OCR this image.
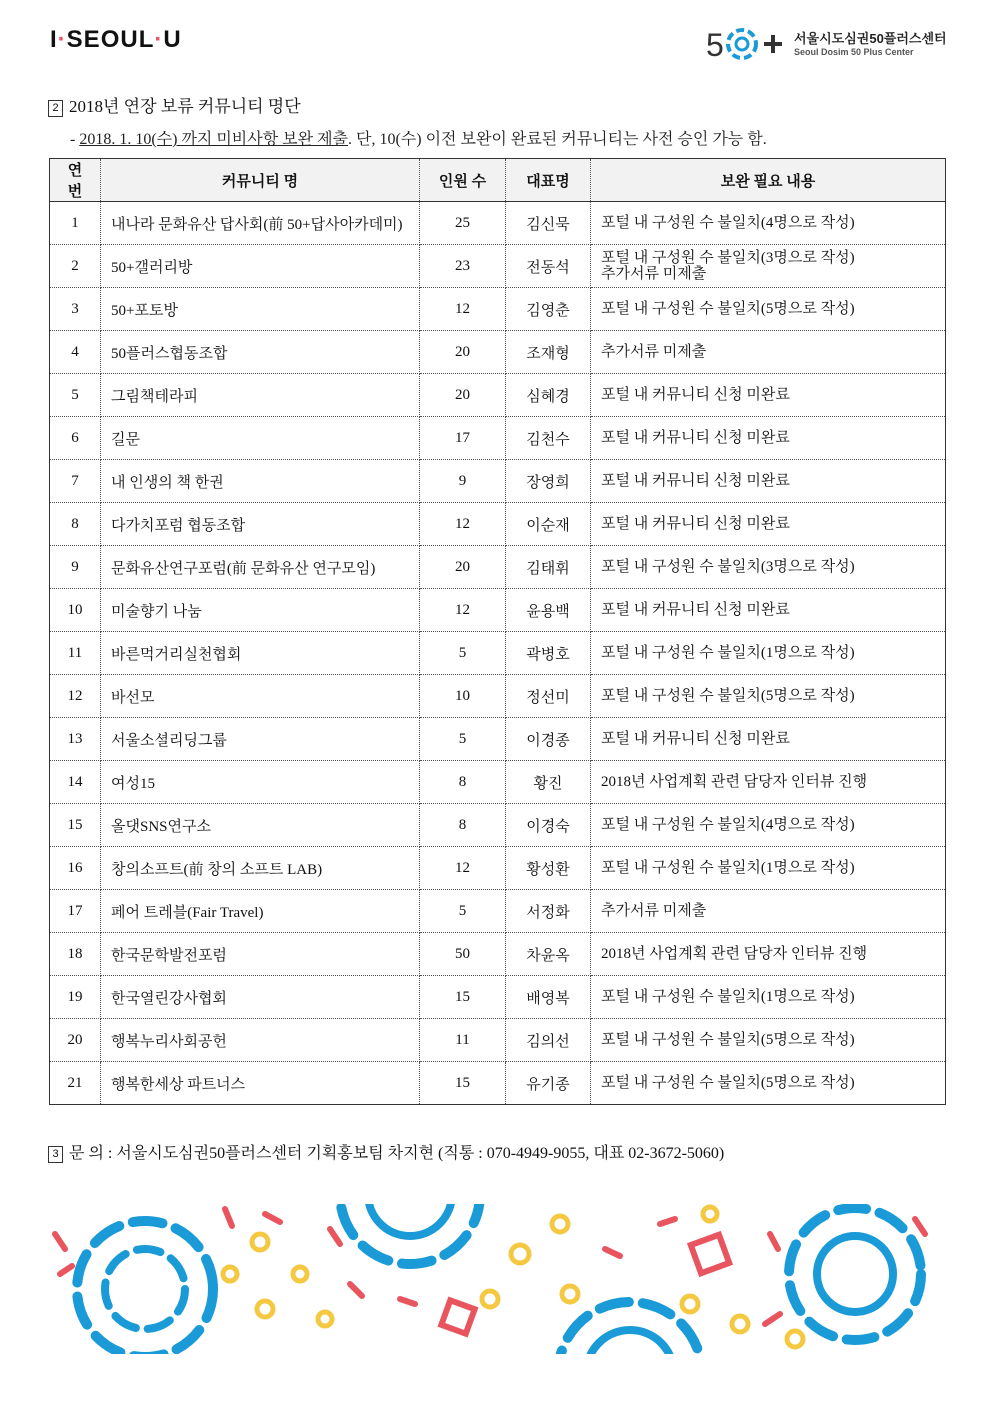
I·SEOUL·U	5	서울시도심권50플러스센터
Seoul Dosim 50 Plus Center
2 2018년 연장 보류 커뮤니티 명단
- 2018. 1. 10(수) 까지 미비사항 보완 제출. 단, 10(수) 이전 보완이 완료된 커뮤니티는 사전 승인 가능 함.
연 번	커뮤니티 명	인원 수	대표명	보완 필요 내용
1	내나라 문화유산 답사회(前 50+답사아카데미)	25	김신묵	포털 내 구성원 수 불일치(4명으로 작성)
2	50+갤러리방	23	전동석	포털 내 구성원 수 불일치(3명으로 작성)
추가서류 미제출
3	50+포토방	12	김영춘	포털 내 구성원 수 불일치(5명으로 작성)
4	50플러스협동조합	20	조재형	추가서류 미제출
5	그림책테라피	20	심혜경	포털 내 커뮤니티 신청 미완료
6	길문	17	김천수	포털 내 커뮤니티 신청 미완료
7	내 인생의 책 한권	9	장영희	포털 내 커뮤니티 신청 미완료
8	다가치포럼 협동조합	12	이순재	포털 내 커뮤니티 신청 미완료
9	문화유산연구포럼(前 문화유산 연구모임)	20	김태휘	포털 내 구성원 수 불일치(3명으로 작성)
10	미술향기 나눔	12	윤용백	포털 내 커뮤니티 신청 미완료
11	바른먹거리실천협회	5	곽병호	포털 내 구성원 수 불일치(1명으로 작성)
12	바선모	10	정선미	포털 내 구성원 수 불일치(5명으로 작성)
13	서울소셜리딩그룹	5	이경종	포털 내 커뮤니티 신청 미완료
14	여성15	8	황진	2018년 사업계획 관련 담당자 인터뷰 진행
15	올댓SNS연구소	8	이경숙	포털 내 구성원 수 불일치(4명으로 작성)
16	창의소프트(前 창의 소프트 LAB)	12	황성환	포털 내 구성원 수 불일치(1명으로 작성)
17	페어 트레블(Fair Travel)	5	서정화	추가서류 미제출
18	한국문학발전포럼	50	차윤옥	2018년 사업계획 관련 담당자 인터뷰 진행
19	한국열린강사협회	15	배영복	포털 내 구성원 수 불일치(1명으로 작성)
20	행복누리사회공헌	11	김의선	포털 내 구성원 수 불일치(5명으로 작성)
21	행복한세상 파트너스	15	유기종	포털 내 구성원 수 불일치(5명으로 작성)
3 문 의 : 서울시도심권50플러스센터 기획홍보팀 차지현 (직통 : 070-4949-9055, 대표 02-3672-5060)
